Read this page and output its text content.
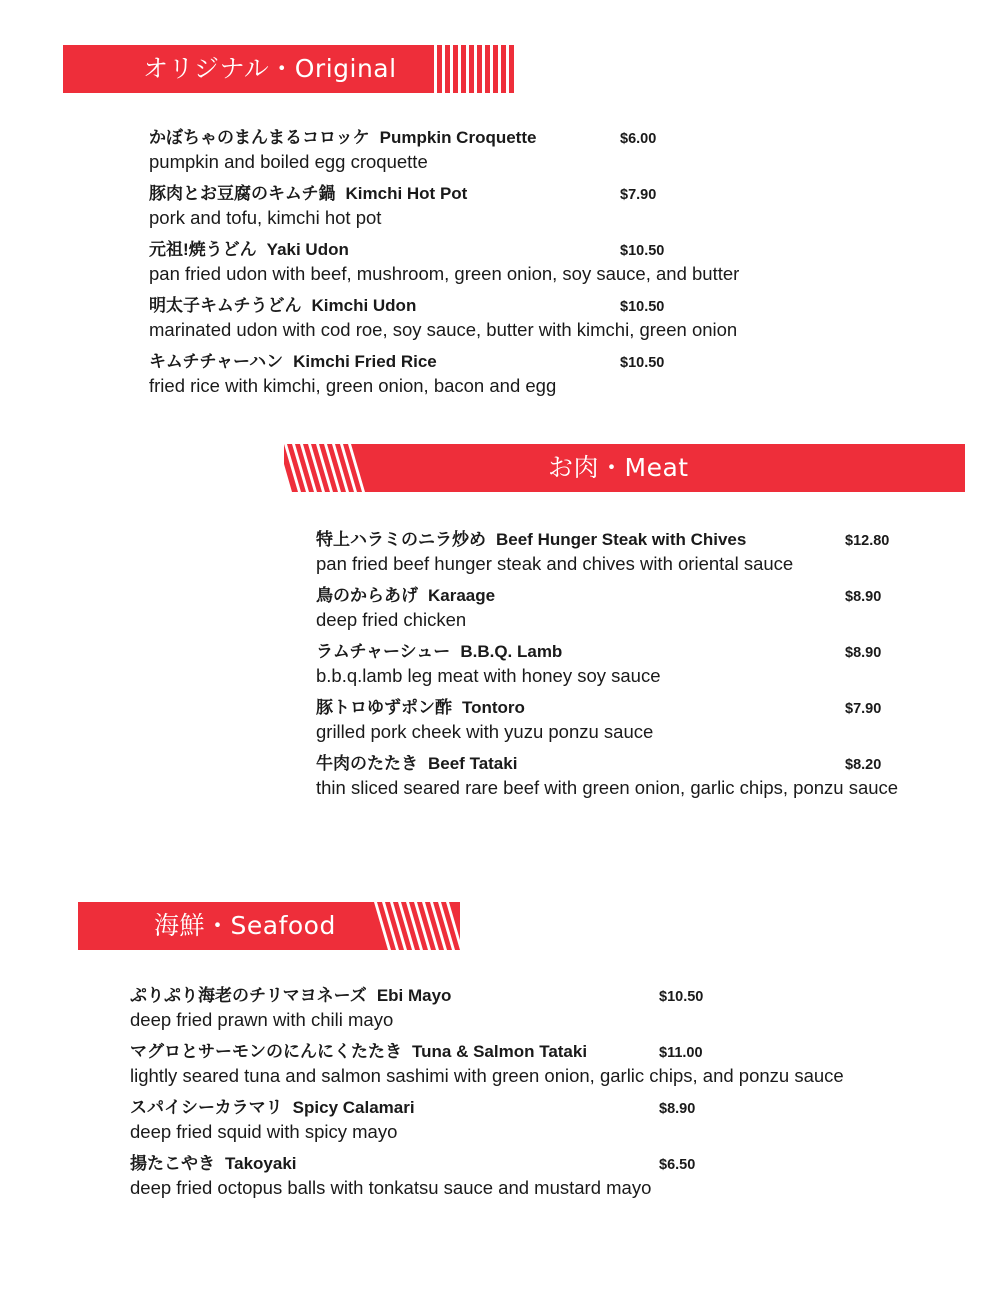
オリジナル・Original
かぼちゃのまんまるコロッケ Pumpkin Croquette
pumpkin and boiled egg croquette
$6.00
豚肉とお豆腐のキムチ鍋 Kimchi Hot Pot
pork and tofu, kimchi hot pot
$7.90
元祖!焼うどん Yaki Udon
pan fried udon with beef, mushroom, green onion, soy sauce, and butter
$10.50
明太子キムチうどん Kimchi Udon
marinated udon with cod roe, soy sauce, butter with kimchi, green onion
$10.50
キムチチャーハン Kimchi Fried Rice
fried rice with kimchi, green onion, bacon and egg
$10.50
お肉・Meat
特上ハラミのニラ炒め Beef Hunger Steak with Chives
pan fried beef hunger steak and chives with oriental sauce
$12.80
鳥のからあげ Karaage
deep fried chicken
$8.90
ラムチャーシュー B.B.Q. Lamb
b.b.q.lamb leg meat with honey soy sauce
$8.90
豚トロゆずポン酢 Tontoro
grilled pork cheek with yuzu ponzu sauce
$7.90
牛肉のたたき Beef Tataki
thin sliced seared rare beef with green onion, garlic chips, ponzu sauce
$8.20
海鮮・Seafood
ぷりぷり海老のチリマヨネーズ Ebi Mayo
deep fried prawn with chili mayo
$10.50
マグロとサーモンのにんにくたたき Tuna & Salmon Tataki
lightly seared tuna and salmon sashimi with green onion, garlic chips, and ponzu sauce
$11.00
スパイシーカラマリ Spicy Calamari
deep fried squid with spicy mayo
$8.90
揚たこやき Takoyaki
deep fried octopus balls with tonkatsu sauce and mustard mayo
$6.50
